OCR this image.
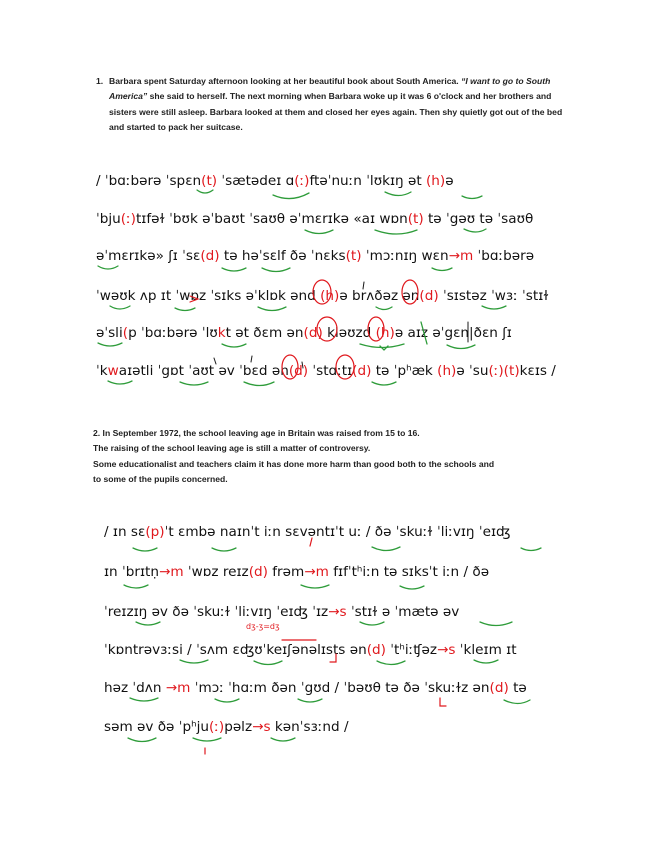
1. Barbara spent Saturday afternoon looking at her beautiful book about South America. “I want to go to South America” she said to herself. The next morning when Barbara woke up it was 6 o'clock and her brothers and sisters were still asleep. Barbara looked at them and closed her eyes again. Then shy quietly got out of the bed and started to pack her suitcase.
/ ˈbɑːbərə ˈspɛn(t) ˈsætədeɪ ɑ(ː)ftəˈnuːn ˈlʊkɪŋ ət (h)ə
ˈbju(ː)tɪfəɫ ˈbʊk əˈbaʊt ˈsaʊθ əˈmɛrɪkə «aɪ wɒn(t) tə ˈgəʊ tə ˈsaʊθ
əˈmɛrɪkə» ʃɪ ˈsɛ(d) tə həˈsɛlf ðə ˈnɛks(t) ˈmɔːnɪŋ wɛn→m ˈbɑːbərə
ˈwəʊk ʌp ɪt ˈwɒz ˈsɪks əˈklɒk ənd (h)ə brʌðəz ən(d) ˈsɪstəz ˈwɜː ˈstɪɫ
əˈsli(p ˈbɑːbərə ˈlʊkt ət ðɛm ən(d) kləʊzd (h)ə aɪz əˈgɛn|ðɛn ʃɪ
ˈkwaɪətli ˈgɒt ˈaʊt əv ˈbɛd ən(d) ˈstɑːtɪ(d) tə ˈpʰæk (h)ə ˈsu(ː)(t)kɛɪs /
2. In September 1972, the school leaving age in Britain was raised from 15 to 16.
The raising of the school leaving age is still a matter of controversy.
Some educationalist and teachers claim it has done more harm than good both to the schools and
to some of the pupils concerned.
/ ɪn sɛ(p)ˈt ɛmbə naɪnˈt iːn sɛvəntɪˈt uː / ðə ˈskuːɫ ˈliːvɪŋ ˈeɪʤ
ɪn ˈbrɪtṇ→m ˈwɒz reɪz(d) frəm→m fɪfˈtʰiːn tə sɪksˈt iːn / ðə
ˈreɪzɪŋ əv ðə ˈskuːɫ ˈliːvɪŋ ˈeɪʤ ˈɪz→s ˈstɪɫ ə ˈmætə əv
ˈkɒntrəvɜːsi / ˈsʌm ɛʤʊˈkeɪʃənəlɪsts ən(d) ˈtʰiːʧəz→s ˈkleɪm ɪt
həz ˈdʌn →m ˈmɔː ˈhɑːm ðən ˈgʊd / ˈbəʊθ tə ðə ˈskuːɫz ən(d) tə
səm əv ðə ˈpʰju(ː)pəlz→s kənˈsɜːnd /
dʒ-ʒ=dʒ
